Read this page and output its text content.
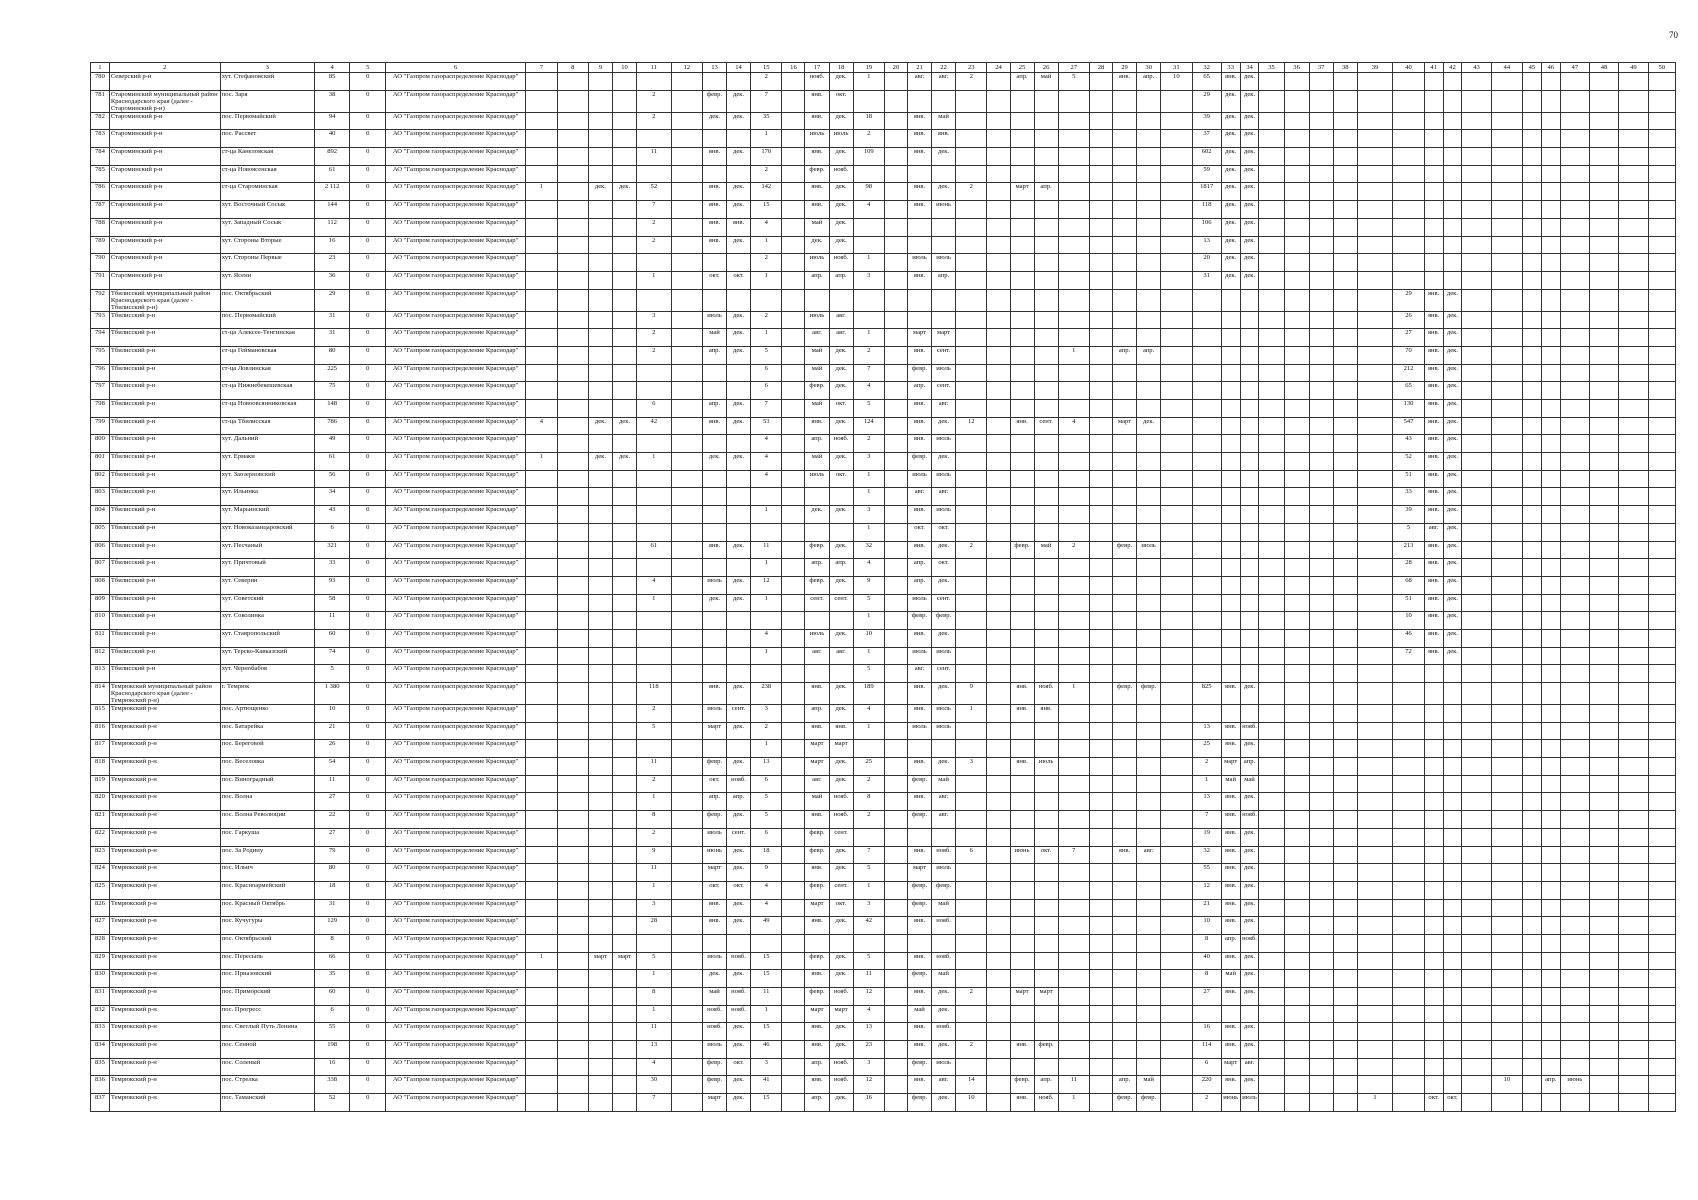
70
1	2	3	4	5	6	7	8	9	10	11	12	13	14	15	16	17	18	19	20	21	22	23	24	25	26	27	28	29	30	31	32	33	34	35	36	37	38	39	40	41	42	43	44	45	46	47	48	49	50
780	Северский р-н	хут. Стефановский	85	0	АО "Газпром газораспределение Краснодар"									2		нояб.	дек.	1		авг.	авг.	2		апр.	май	5		янв.	апр.	10	65	янв.	дек.																
781	Староминский муниципальный район Краснодарского края (далее - Староминский р-н)	пос. Заря	38	0	АО "Газпром газораспределение Краснодар"					2		февр.	дек.	7		янв.	окт.														29	дек.	дек.																
782	Староминский р-н	пос. Первомайский	94	0	АО "Газпром газораспределение Краснодар"					2		дек.	дек.	35		янв.	дек.	18		янв.	май										39	дек.	дек.																
783	Староминский р-н	пос. Рассвет	40	0	АО "Газпром газораспределение Краснодар"									1		июль	июль	2		янв.	янв.										37	дек.	дек.																
784	Староминский р-н	ст-ца Канеловская	892	0	АО "Газпром газораспределение Краснодар"					11		янв.	дек.	170		янв.	дек.	109		янв.	дек.										602	дек.	дек.																
785	Староминский р-н	ст-ца Новоясенская	61	0	АО "Газпром газораспределение Краснодар"									2		февр.	нояб.														59	дек.	дек.																
786	Староминский р-н	ст-ца Староминская	2 112	0	АО "Газпром газораспределение Краснодар"	1		дек.	дек.	52		янв.	дек.	142		янв.	дек.	98		янв.	дек.	2		март	апр.						1817	дек.	дек.																
787	Староминский р-н	хут. Восточный Сосык	144	0	АО "Газпром газораспределение Краснодар"					7		янв.	дек.	15		янв.	дек.	4		янв.	июнь										118	дек.	дек.																
788	Староминский р-н	хут. Западный Сосык	112	0	АО "Газпром газораспределение Краснодар"					2		янв.	янв.	4		май	дек.														106	дек.	дек.																
789	Староминский р-н	хут. Стороны Вторые	16	0	АО "Газпром газораспределение Краснодар"					2		янв.	дек.	1		дек.	дек.														13	дек.	дек.																
790	Староминский р-н	хут. Стороны Первые	23	0	АО "Газпром газораспределение Краснодар"									2		июль	нояб.	1		июль	июль										20	дек.	дек.																
791	Староминский р-н	хут. Ясени	36	0	АО "Газпром газораспределение Краснодар"					1		окт.	окт.	1		апр.	апр.	3		янв.	апр.										31	дек.	дек.																
792	Тбилисский муниципальный район Краснодарского края (далее - Тбилисский р-н)	пос. Октябрьский	29	0	АО "Газпром газораспределение Краснодар"																																		29	янв.	дек.								
793	Тбилисский р-н	пос. Первомайский	31	0	АО "Газпром газораспределение Краснодар"					3		июль	дек.	2		июль	авг.																						26	янв.	дек.								
794	Тбилисский р-н	ст-ца Алексее-Тенгинская	31	0	АО "Газпром газораспределение Краснодар"					2		май	дек.	1		авг.	авг.	1		март	март																		27	янв.	дек.								
795	Тбилисский р-н	ст-ца Геймановская	80	0	АО "Газпром газораспределение Краснодар"					2		апр.	дек.	5		май	дек.	2		янв.	сент.					1		апр.	апр.										70	янв.	дек.								
796	Тбилисский р-н	ст-ца Ловлинская	225	0	АО "Газпром газораспределение Краснодар"									6		май	дек.	7		февр.	июль																		212	янв.	дек.								
797	Тбилисский р-н	ст-ца Нижнебекешевская	75	0	АО "Газпром газораспределение Краснодар"									6		февр.	дек.	4		апр.	сент.																		65	янв.	дек.								
798	Тбилисский р-н	ст-ца Новоовсянниковская	148	0	АО "Газпром газораспределение Краснодар"					6		апр.	дек.	7		май	окт.	5		янв.	авг.																		130	янв.	дек.								
799	Тбилисский р-н	ст-ца Тбилисская	786	0	АО "Газпром газораспределение Краснодар"	4		дек.	дек.	42		янв.	дек.	53		янв.	дек.	124		янв.	дек.	12		янв.	сент.	4		март	дек.										547	янв.	дек.								
800	Тбилисский р-н	хут. Дальний	49	0	АО "Газпром газораспределение Краснодар"									4		апр.	нояб.	2		янв.	июль																		43	янв.	дек.								
801	Тбилисский р-н	хут. Ермаки	61	0	АО "Газпром газораспределение Краснодар"	1		дек.	дек.	1		дек.	дек.	4		май	дек.	3		февр.	дек.																		52	янв.	дек.								
802	Тбилисский р-н	хут. Заозерновский	56	0	АО "Газпром газораспределение Краснодар"									4		июль	окт.	1		июль	июль																		51	янв.	дек.								
803	Тбилисский р-н	хут. Ильинка	34	0	АО "Газпром газораспределение Краснодар"													1		авг.	авг.																		33	янв.	дек.								
804	Тбилисский р-н	хут. Марьинский	43	0	АО "Газпром газораспределение Краснодар"									1		дек.	дек.	3		янв.	июль																		39	янв.	дек.								
805	Тбилисский р-н	хут. Новоказанцаровский	6	0	АО "Газпром газораспределение Краснодар"													1		окт.	окт.																		5	авг.	дек.								
806	Тбилисский р-н	хут. Песчаный	321	0	АО "Газпром газораспределение Краснодар"					61		янв.	дек.	11		февр.	дек.	32		янв.	дек.	2		февр.	май	2		февр.	июль										213	янв.	дек.								
807	Тбилисский р-н	хут. Причтовый	33	0	АО "Газпром газораспределение Краснодар"									1		апр.	апр.	4		апр.	окт.																		28	янв.	дек.								
808	Тбилисский р-н	хут. Северин	93	0	АО "Газпром газораспределение Краснодар"					4		июль	дек.	12		февр.	дек.	9		апр.	дек.																		68	янв.	дек.								
809	Тбилисский р-н	хут. Советский	58	0	АО "Газпром газораспределение Краснодар"					1		дек.	дек.	1		сент.	сент.	5		июль	сент.																		51	янв.	дек.								
810	Тбилисский р-н	хут. Соколинка	11	0	АО "Газпром газораспределение Краснодар"													1		февр.	февр.																		10	янв.	дек.								
811	Тбилисский р-н	хут. Ставропольский	60	0	АО "Газпром газораспределение Краснодар"									4		июль	дек.	10		янв.	дек.																		46	янв.	дек.								
812	Тбилисский р-н	хут. Терско-Кавказский	74	0	АО "Газпром газораспределение Краснодар"									1		авг.	авг.	1		июль	июль																		72	янв.	дек.								
813	Тбилисский р-н	хут. Чернобабов	5	0	АО "Газпром газораспределение Краснодар"													5		авг.	сент.																												
814	Темрюкский муниципальный район Краснодарского края (далее - Темрюкский р-н)	г. Темрюк	1 380	0	АО "Газпром газораспределение Краснодар"					118		янв.	дек.	238		янв.	дек.	189		янв.	дек.	9		янв.	нояб.	1		февр.	февр.		825	янв.	дек.																
815	Темрюкский р-н	пос. Артющенко	10	0	АО "Газпром газораспределение Краснодар"					2		июль	сент.	3		апр.	дек.	4		янв.	июль	1		янв.	янв.																								
816	Темрюкский р-н	пос. Батарейка	21	0	АО "Газпром газораспределение Краснодар"					5		март	дек.	2		янв.	янв.	1		июль	июль										13	янв.	нояб.																
817	Темрюкский р-н	пос. Береговой	26	0	АО "Газпром газораспределение Краснодар"									1		март	март														25	янв.	дек.																
818	Темрюкский р-н	пос. Веселовка	54	0	АО "Газпром газораспределение Краснодар"					11		февр.	дек.	13		март	дек.	25		янв.	дек.	3		янв.	июль						2	март	апр.																
819	Темрюкский р-н	пос. Виноградный	11	0	АО "Газпром газораспределение Краснодар"					2		окт.	нояб.	6		авг.	дек.	2		февр.	май										1	май	май																
820	Темрюкский р-н	пос. Волна	27	0	АО "Газпром газораспределение Краснодар"					1		апр.	апр.	5		май	нояб.	8		янв.	авг.										13	янв.	дек.																
821	Темрюкский р-н	пос. Волна Революции	22	0	АО "Газпром газораспределение Краснодар"					8		февр.	дек.	5		янв.	нояб.	2		февр.	авг.										7	янв.	нояб.																
822	Темрюкский р-н	пос. Гаркуша	27	0	АО "Газпром газораспределение Краснодар"					2		июль	сент.	6		февр.	сент.														19	янв.	дек.																
823	Темрюкский р-н	пос. За Родину	79	0	АО "Газпром газораспределение Краснодар"					9		июнь	дек.	18		февр.	дек.	7		янв.	нояб.	6		июнь	окт.	7		янв.	авг.		32	янв.	дек.																
824	Темрюкский р-н	пос. Ильич	80	0	АО "Газпром газораспределение Краснодар"					11		март	дек.	9		янв.	дек.	5		март	июль										55	янв.	дек.																
825	Темрюкский р-н	пос. Красноармейский	18	0	АО "Газпром газораспределение Краснодар"					1		окт.	окт.	4		февр.	сент.	1		февр.	февр.										12	янв.	дек.																
826	Темрюкский р-н	пос. Красный Октябрь	31	0	АО "Газпром газораспределение Краснодар"					3		янв.	дек.	4		март	окт.	3		февр.	май										21	янв.	дек.																
827	Темрюкский р-н	пос. Кучугуры	129	0	АО "Газпром газораспределение Краснодар"					28		янв.	дек.	49		янв.	дек.	42		янв.	нояб.										10	янв.	дек.																
828	Темрюкский р-н	пос. Октябрьский	8	0	АО "Газпром газораспределение Краснодар"																										8	апр.	нояб.																
829	Темрюкский р-н	пос. Пересыпь	66	0	АО "Газпром газораспределение Краснодар"	1		март	март	5		июль	нояб.	15		февр.	дек.	5		янв.	нояб.										40	янв.	дек.																
830	Темрюкский р-н	пос. Приазовский	35	0	АО "Газпром газораспределение Краснодар"					1		дек.	дек.	15		янв.	дек.	11		февр.	май										8	май	дек.																
831	Темрюкский р-н	пос. Приморский	60	0	АО "Газпром газораспределение Краснодар"					8		май	нояб.	11		февр.	нояб.	12		янв.	дек.	2		март	март						27	янв.	дек.																
832	Темрюкский р-н	пос. Прогресс	6	0	АО "Газпром газораспределение Краснодар"					1		нояб.	нояб.	1		март	март	4		май	дек.																												
833	Темрюкский р-н	пос. Светлый Путь Ленина	55	0	АО "Газпром газораспределение Краснодар"					11		нояб.	дек.	15		янв.	дек.	13		янв.	нояб.										16	янв.	дек.																
834	Темрюкский р-н	пос. Сенной	198	0	АО "Газпром газораспределение Краснодар"					13		июль	дек.	46		янв.	дек.	23		янв.	дек.	2		янв.	февр.						114	янв.	дек.																
835	Темрюкский р-н	пос. Соленый	16	0	АО "Газпром газораспределение Краснодар"					4		февр.	окт.	3		апр.	нояб.	3		февр.	июль										6	март	авг.																
836	Темрюкский р-н	пос. Стрелка	338	0	АО "Газпром газораспределение Краснодар"					30		февр.	дек.	41		янв.	нояб.	12		янв.	авг.	14		февр.	апр.	11		апр.	май		220	янв.	дек.										10		апр.	июнь			
837	Темрюкский р-н	пос. Таманский	52	0	АО "Газпром газораспределение Краснодар"					7		март	дек.	15		апр.	дек.	16		февр.	дек.	10		янв.	нояб.	1		февр.	февр.		2	июнь	июль					1		окт.	окт.								
